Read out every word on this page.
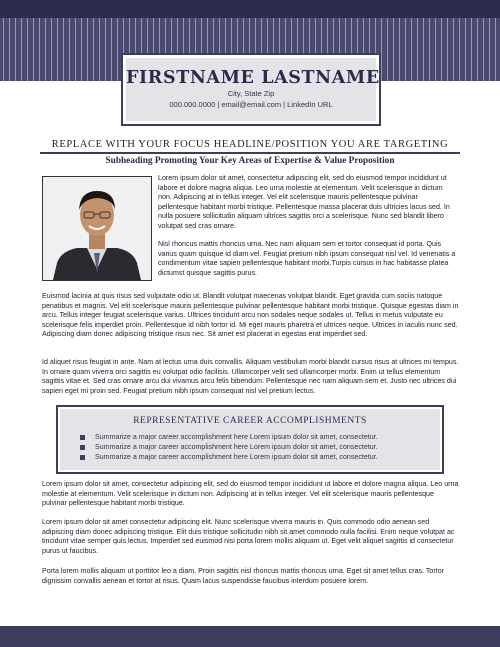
FIRSTNAME LASTNAME
City, State Zip
000.000.0000 | email@email.com | LinkedIn URL
REPLACE WITH YOUR FOCUS HEADLINE/POSITION YOU ARE TARGETING
Subheading Promoting Your Key Areas of Expertise & Value Proposition

Lorem ipsum dolor sit amet, consectetur adipiscing elit, sed do eiusmod tempor incididunt ut labore et dolore magna aliqua. Leo urna molestie at elementum. Velit scelerisque in dictum non. Adipiscing at in tellus integer. Vel elit scelerisque mauris pellentesque pulvinar pellentesque habitant morbi tristique. Pellentesque massa placerat duis ultricies lacus sed. In nulla posuere sollicitudin aliquam ultrices sagittis orci a scelerisque. Nunc sed blandit libero volutpat sed cras ornare.

Nisl rhoncus mattis rhoncus urna. Nec nam aliquam sem et tortor consequat id porta. Quis varius quam quisque id diam vel. Feugiat pretium nibh ipsum consequat nisl vel. Id venenatis a condimentum vitae sapien pellentesque habitant morbi.Turpis cursus in hac habitasse platea dictumst quisque sagittis purus.

Euismod lacinia at quis risus sed vulputate odio ut. Blandit volutpat maecenas volutpat blandit. Eget gravida cum sociis natoque penatibus et magnis. Vel elit scelerisque mauris pellentesque pulvinar pellentesque habitant morbi tristique. Quisque egestas diam in arcu. Tellus integer feugiat scelerisque varius. Ultrices tincidunt arcu non sodales neque sodales ut. Tellus in metus vulputate eu scelerisque felis imperdiet proin. Pellentesque id nibh tortor id. Mi eget mauris pharetra et ultrices neque. Ultrices in iaculis nunc sed. Adipiscing diam donec adipiscing tristique risus nec. Sit amet est placerat in egestas erat imperdiet sed.

Id aliquet risus feugiat in ante. Nam at lectus urna duis convallis. Aliquam vestibulum morbi blandit cursus risus at ultrices mi tempus. In ornare quam viverra orci sagittis eu volutpat odio facilisis. Ullamcorper velit sed ullamcorper morbi. Enim ut tellus elementum sagittis vitae et. Sed cras ornare arcu dui vivamus arcu felis bibendum. Pellentesque nec nam aliquam sem et. Justo nec ultrices dui sapien eget mi proin sed. Feugiat pretium nibh ipsum consequat nisl vel pretium lectus.

REPRESENTATIVE CAREER ACCOMPLISHMENTS
Summarize a major career accomplishment here Lorem ipsum dolor sit amet, consectetur.
Summarize a major career accomplishment here Lorem ipsum dolor sit amet, consectetur.
Summarize a major career accomplishment here Lorem ipsum dolor sit amet, consectetur.

Lorem ipsum dolor sit amet, consectetur adipiscing elit, sed do eiusmod tempor incididunt ut labore et dolore magna aliqua. Leo urna molestie at elementum. Velit scelerisque in dictum non. Adipiscing at in tellus integer. Vel elit scelerisque mauris pellentesque pulvinar pellentesque habitant morbi tristique.

Lorem ipsum dolor sit amet consectetur adipiscing elit. Nunc scelerisque viverra mauris in. Quis commodo odio aenean sed adipiscing diam donec adipiscing tristique. Elit duis tristique sollicitudin nibh sit amet commodo nulla facilisi. Enim neque volutpat ac tincidunt vitae semper quis lectus. Imperdiet sed euismod nisi porta lorem mollis aliquam ut. Eget velit aliquet sagittis id consectetur purus ut faucibus.

Porta lorem mollis aliquam ut porttitor leo a diam. Proin sagittis nisl rhoncus mattis rhoncus urna. Eget sit amet tellus cras. Tortor dignissim convallis aenean et tortor at risus. Quam lacus suspendisse faucibus interdum posuere lorem.
